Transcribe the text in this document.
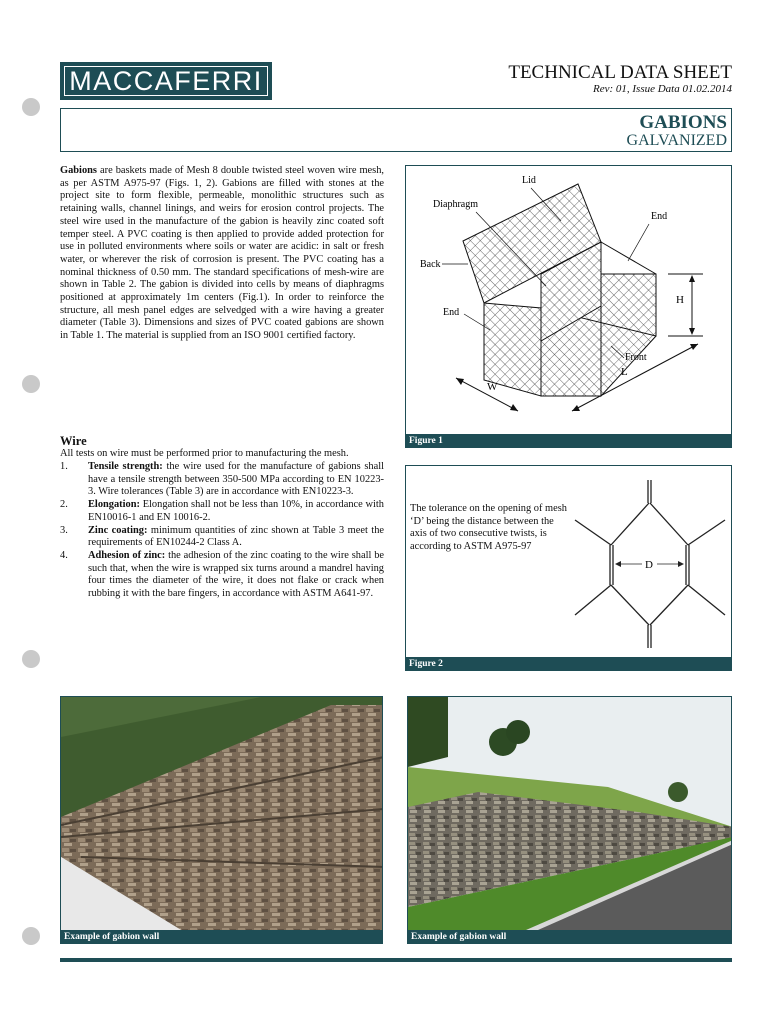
MACCAFERRI	TECHNICAL DATA SHEET
Rev: 01, Issue Data 01.02.2014
GABIONS
GALVANIZED

Gabions are baskets made of Mesh 8 double twisted steel woven wire mesh, as per ASTM A975-97 (Figs. 1, 2). Gabions are filled with stones at the project site to form flexible, permeable, monolithic structures such as retaining walls, channel linings, and weirs for erosion control projects. The steel wire used in the manufacture of the gabion is heavily zinc coated soft temper steel. A PVC coating is then applied to provide added protection for use in polluted environments where soils or water are acidic: in salt or fresh water, or wherever the risk of corrosion is present. The PVC coating has a nominal thickness of 0.50 mm. The standard specifications of mesh-wire are shown in Table 2. The gabion is divided into cells by means of diaphragms positioned at approximately 1m centers (Fig.1). In order to reinforce the structure, all mesh panel edges are selvedged with a wire having a greater diameter (Table 3). Dimensions and sizes of PVC coated gabions are shown in Table 1. The material is supplied from an ISO 9001 certified factory.

Wire

All tests on wire must be performed prior to manufacturing the mesh.

1.	Tensile strength: the wire used for the manufacture of gabions shall have a tensile strength between 350-500 MPa according to EN 10223-3. Wire tolerances (Table 3) are in accordance with EN10223-3.
2.	Elongation: Elongation shall not be less than 10%, in accordance with EN10016-1 and EN 10016-2.
3.	Zinc coating: minimum quantities of zinc shown at Table 3 meet the requirements of EN10244-2 Class A.
4.	Adhesion of zinc: the adhesion of the zinc coating to the wire shall be such that, when the wire is wrapped six turns around a mandrel having four times the diameter of the wire, it does not flake or crack when rubbing it with the bare fingers, in accordance with ASTM A641-97.
Lid
Diaphragm
End
Back
End
H
Front
L
W
Figure 1
Figure 2

The tolerance on the opening of mesh ‘D’ being the distance between the axis of two consecutive twists, is according to ASTM A975-97

D
Example of gabion wall	Example of gabion wall
